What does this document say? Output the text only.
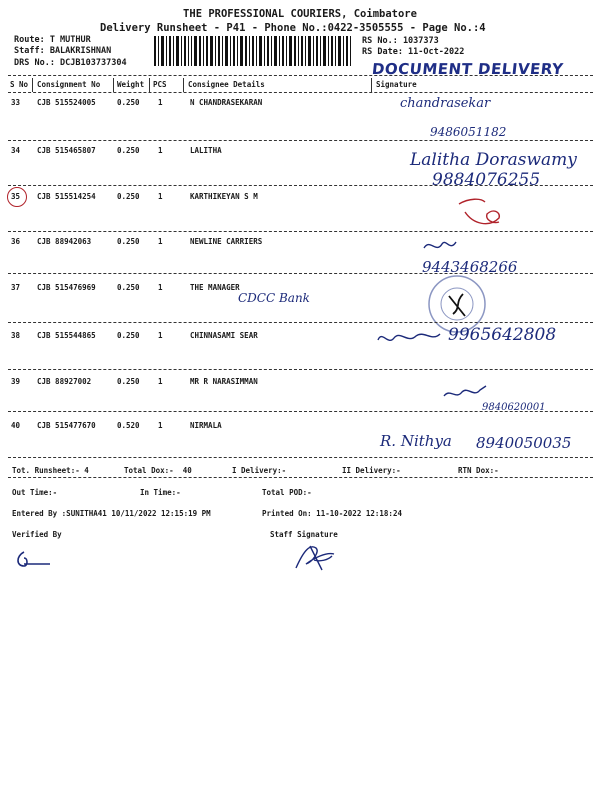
THE PROFESSIONAL COURIERS, Coimbatore
Delivery Runsheet - P41 - Phone No.:0422-3505555 - Page No.:4
Route: T MUTHUR
Staff: BALAKRISHNAN
DRS No.: DCJB103737304
RS No.: 1037373
RS Date: 11-Oct-2022
DOCUMENT DELIVERY
S No Consignment No Weight PCS	Consignee Details	Signature
33 CJB 515524005	0.250 1	N CHANDRASEKARAN	chandrasekar
9486051182
34 CJB 515465807	0.250 1	LALITHA	Lalitha Doraswamy
9884076255
35 CJB 515514254	0.250 1	KARTHIKEYAN S M
36 CJB 88942063	0.250 1	NEWLINE CARRIERS
9443468266
37 CJB 515476969	0.250 1	THE MANAGER
CDCC Bank
38 CJB 515544865	0.250 1	CHINNASAMI SEAR	9965642808
39 CJB 88927002	0.250 1	MR R NARASIMMAN
9840620001
40 CJB 515477670	0.520 1	NIRMALA
R. Nithya 8940050035
Tot. Runsheet:- 4	Total Dox:-  40	I Delivery:-	II Delivery:-	RTN Dox:-
Out Time:-	In Time:-	Total POD:-
Entered By :SUNITHA41 10/11/2022 12:15:19 PM	Printed On: 11-10-2022 12:18:24
Verified By	Staff Signature
